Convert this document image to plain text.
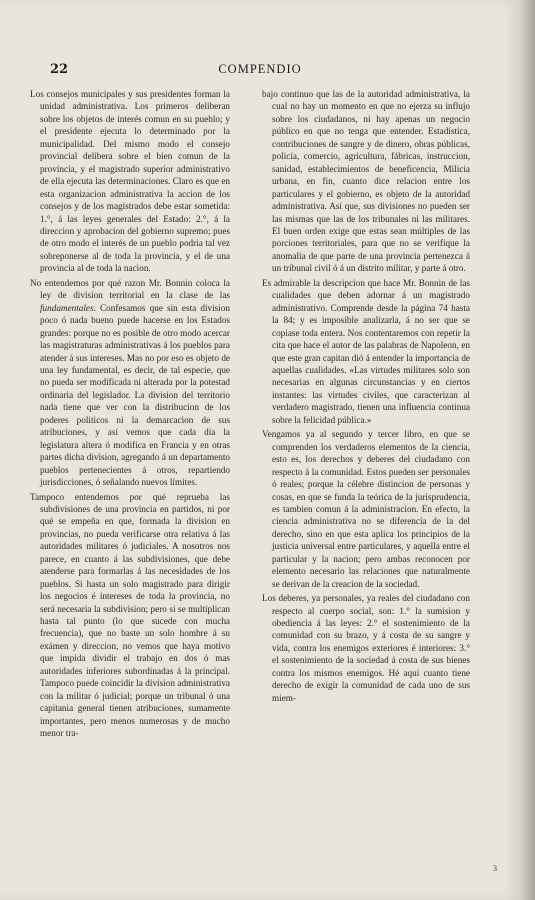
22	COMPENDIO

Los consejos municipales y sus presidentes forman la unidad administrativa. Los primeros deliberan sobre los objetos de interés comun en su pueblo; y el presidente ejecuta lo determinado por la municipalidad. Del mismo modo el consejo provincial delibera sobre el bien comun de la provincia, y el magistrado superior administrativo de ella ejecuta las determinaciones. Claro es que en esta organizacion administrativa la accion de los consejos y de los magistrados debe estar sometida: 1.°, á las leyes generales del Estado: 2.°, á la direccion y aprobacion del gobierno supremo; pues de otro modo el interés de un pueblo podria tal vez sobreponerse al de toda la provincia, y el de una provincia al de toda la nacion.

No entendemos por qué razon Mr. Bonnin coloca la ley de division territorial en la clase de las fundamentales. Confesamos que sin esta division poco ó nada bueno puede hacerse en los Estados grandes: porque no es posible de otro modo acercar las magistraturas administrativas á los pueblos para atender á sus intereses. Mas no por eso es objeto de una ley fundamental, es decir, de tal especie, que no pueda ser modificada ni alterada por la potestad ordinaria del legislador. La division del territorio nada tiene que ver con la distribucion de los poderes politicos ni la demarcacion de sus atribuciones, y así vemos que cada dia la legislatura altera ó modifica en Francia y en otras partes dicha division, agregando á un departamento pueblos pertenecientes á otros, repartiendo jurisdicciones, ó señalando nuevos límites.

Tampoco entendemos por qué reprueba las subdivisiones de una provincia en partidos, ni por qué se empeña en que, formada la division en provincias, no pueda verificarse otra relativa á las autoridades militares ó judiciales. A nosotros nos parece, en cuanto á las subdivisiones, que debe atenderse para formarlas á las necesidades de los pueblos. Si hasta un solo magistrado para dirigir los negocios é intereses de toda la provincia, no será necesaria la subdivision; pero si se multiplican hasta tal punto (lo que sucede con mucha frecuencia), que no baste un solo hombre á su exámen y direccion, no vemos que haya motivo que impida dividir el trabajo en dos ó mas autoridades inferiores subordinadas á la principal. Tampoco puede coincidir la division administrativa con la militar ó judicial; porque un tribunal ó una capitania general tienen atribuciones, sumamente importantes, pero menos numerosas y de mucho menor tra-

bajo continuo que las de la autoridad administrativa, la cual no hay un momento en que no ejerza su influjo sobre los ciudadanos, ni hay apenas un negocio público en que no tenga que entender. Estadística, contribuciones de sangre y de dinero, obras públicas, policía, comercio, agricultura, fábricas, instruccion, sanidad, establecimientos de beneficencia, Milicia urbana, en fin, cuanto dice relacion entre los particulares y el gobierno, es objeto de la autoridad administrativa. Así que, sus divisiones no pueden ser las mismas que las de los tribunales ni las militares. El buen orden exige que estas sean múltiples de las porciones territoriales, para que no se verifique la anomalía de que parte de una provincia pertenezca á un tribunal civil ó á un distrito militar, y parte á otro.

Es admirable la descripcion que hace Mr. Bonnin de las cualidades que deben adornar á un magistrado administrativo. Comprende desde la página 74 hasta la 84; y es imposible analizarla, á no ser que se copiase toda entera. Nos contentaremos con repetir la cita que hace el autor de las palabras de Napoleon, en que este gran capitan dió á entender la importancia de aquellas cualidades. «Las virtudes militares solo son necesarias en algunas circunstancias y en ciertos instantes: las virtudes civiles, que caracterizan al verdadero magistrado, tienen una influencia continua sobre la felicidad pública.»

Vengamos ya al segundo y tercer libro, en que se comprenden los verdaderos elementos de la ciencia, esto es, los derechos y deberes del ciudadano con respecto á la comunidad. Estos pueden ser personales ó reales; porque la célebre distincion de personas y cosas, en que se funda la teórica de la jurisprudencia, es tambien comun á la administracion. En efecto, la ciencia administrativa no se diferencia de la del derecho, sino en que esta aplica los principios de la justicia universal entre particulares, y aquella entre el particular y la nacion; pero ambas reconocen por elemento necesario las relaciones que naturalmente se derivan de la creacion de la sociedad.

Los deberes, ya personales, ya reales del ciudadano con respecto al cuerpo social, son: 1.° la sumision y obediencia á las leyes: 2.° el sostenimiento de la comunidad con su brazo, y á costa de su sangre y vida, contra los enemigos exteriores é interiores: 3.° el sostenimiento de la sociedad á costa de sus bienes contra los mismos enemigos. Hé aquí cuanto tiene derecho de exigir la comunidad de cada uno de sus miem-

3
